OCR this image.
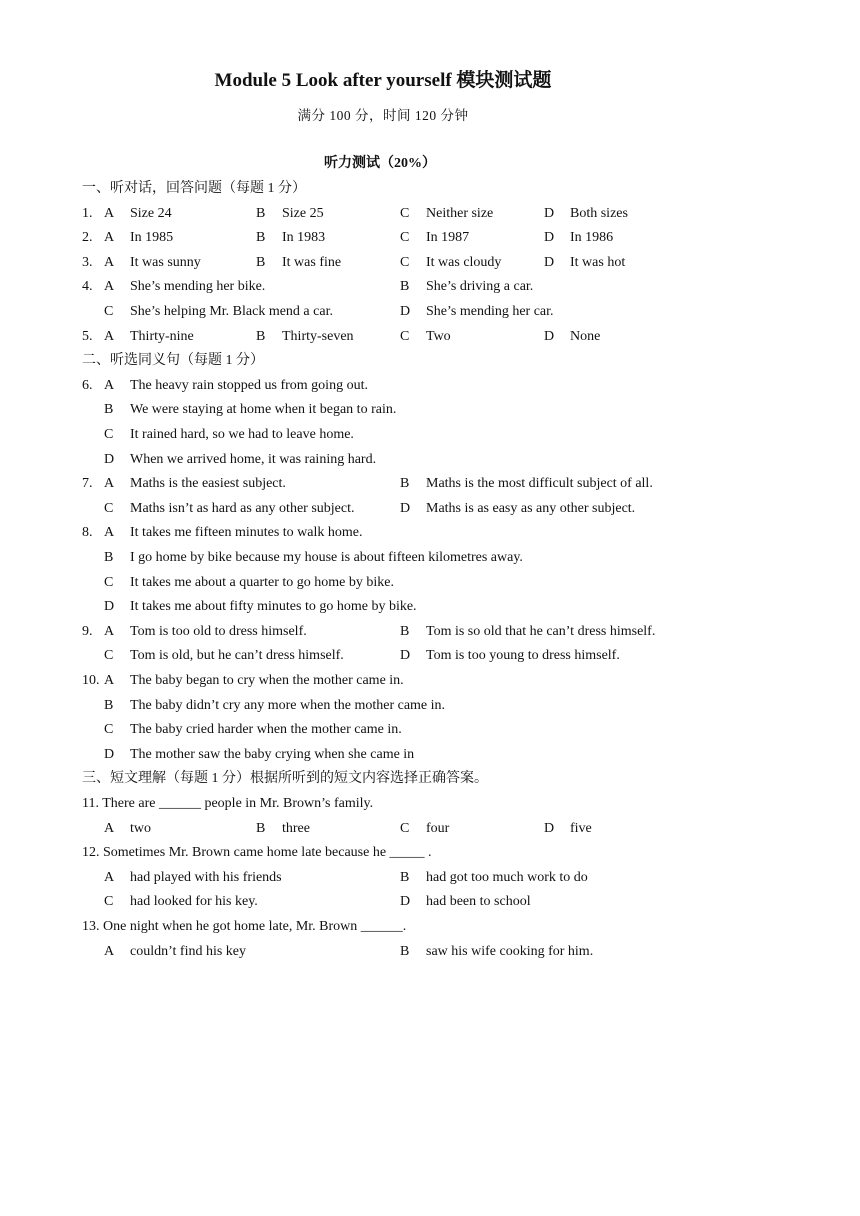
Module 5 Look after yourself 模块测试题
满分 100 分，时间 120 分钟
听力测试（20%）
一、听对话，回答问题（每题 1 分）
1. A Size 24	B Size 25	C Neither size	D Both sizes
2. A In 1985	B In 1983	C In 1987	D In 1986
3. A It was sunny	B It was fine	C It was cloudy	D It was hot
4. A She’s mending her bike.	B She’s driving a car.
C She’s helping Mr. Black mend a car.	D She’s mending her car.
5. A Thirty-nine	B Thirty-seven	C Two	D None
二、听选同义句（每题 1 分）
6. A The heavy rain stopped us from going out.
B We were staying at home when it began to rain.
C It rained hard, so we had to leave home.
D When we arrived home, it was raining hard.
7. A Maths is the easiest subject.	B Maths is the most difficult subject of all.
C Maths isn’t as hard as any other subject.	D Maths is as easy as any other subject.
8. A It takes me fifteen minutes to walk home.
B I go home by bike because my house is about fifteen kilometres away.
C It takes me about a quarter to go home by bike.
D It takes me about fifty minutes to go home by bike.
9. A Tom is too old to dress himself.	B Tom is so old that he can’t dress himself.
C Tom is old, but he can’t dress himself.	D Tom is too young to dress himself.
10. A The baby began to cry when the mother came in.
B The baby didn’t cry any more when the mother came in.
C The baby cried harder when the mother came in.
D The mother saw the baby crying when she came in
三、短文理解（每题 1 分）根据所听到的短文内容选择正确答案。
11. There are ______ people in Mr. Brown’s family.
A two	B three	C four	D five
12. Sometimes Mr. Brown came home late because he _____ .
A had played with his friends	B had got too much work to do
C had looked for his key.	D had been to school
13. One night when he got home late, Mr. Brown ______.
A couldn’t find his key	B saw his wife cooking for him.
